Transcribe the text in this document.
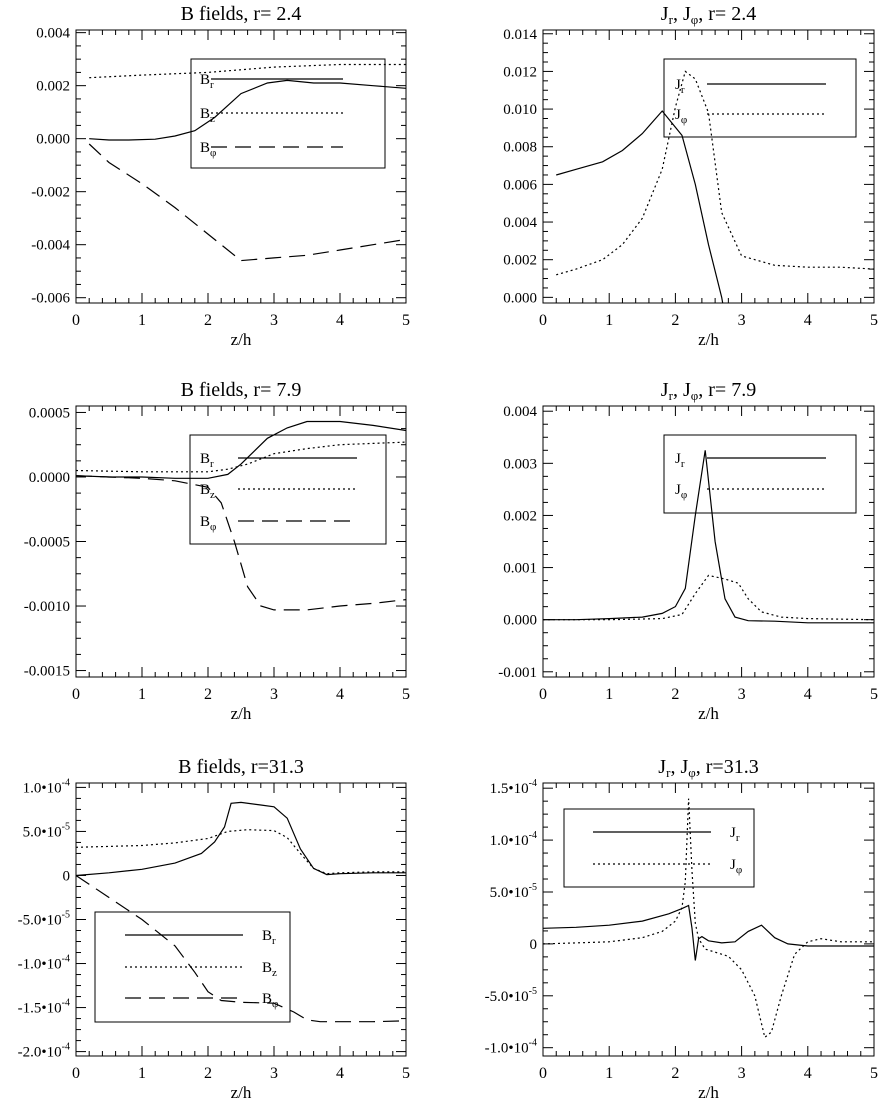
B fields, r= 2.4
0	1	2	3	4	5
z/h
-0.006
-0.004
-0.002
0.000
0.002
0.004
$B_r$
$B_z$
$B_\varphi$
$J_r$, $J_\varphi$, r= 2.4
0	1	2	3	4	5
z/h
0.000
0.002
0.004
0.006
0.008
0.010
0.012
0.014
$J_r$
$J_\varphi$
B fields, r= 7.9
0	1	2	3	4	5
z/h
-0.0015
-0.0010
-0.0005
0.0000
0.0005
$B_r$
$B_z$
$B_\varphi$
$J_r$, $J_\varphi$, r= 7.9
0	1	2	3	4	5
z/h
-0.001
0.000
0.001
0.002
0.003
0.004
$J_r$
$J_\varphi$
B fields, r=31.3
0	1	2	3	4	5
z/h
$-2.0•10^{-4}$
$-1.5•10^{-4}$
$-1.0•10^{-4}$
$-5.0•10^{-5}$
0
$5.0•10^{-5}$
$1.0•10^{-4}$
$B_r$
$B_z$
$B_\varphi$
$J_r$, $J_\varphi$, r=31.3
0	1	2	3	4	5
z/h
$-1.0•10^{-4}$
$-5.0•10^{-5}$
0
$5.0•10^{-5}$
$1.0•10^{-4}$
$1.5•10^{-4}$
$J_r$
$J_\varphi$
